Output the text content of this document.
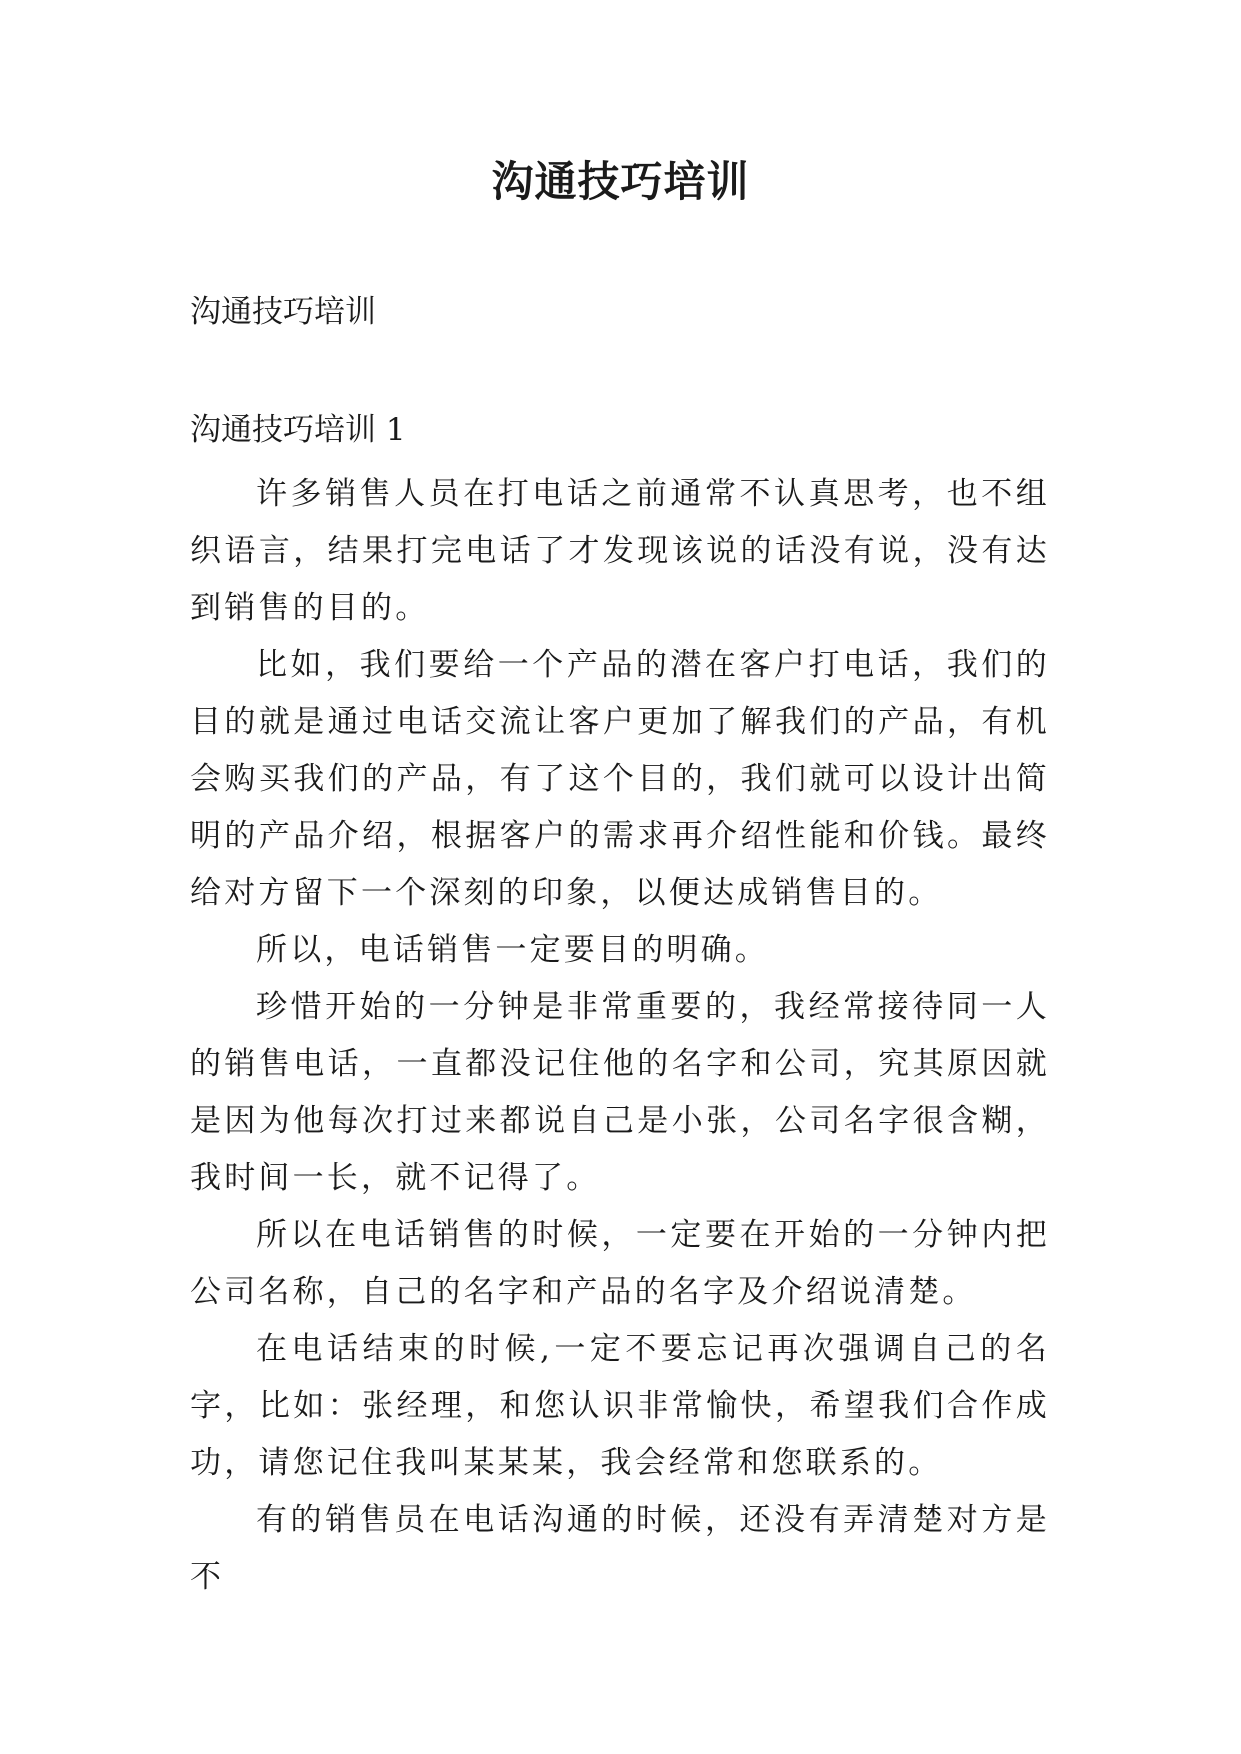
沟通技巧培训
沟通技巧培训
沟通技巧培训 1

许多销售人员在打电话之前通常不认真思考，也不组织语言，结果打完电话了才发现该说的话没有说，没有达到销售的目的。

比如，我们要给一个产品的潜在客户打电话，我们的目的就是通过电话交流让客户更加了解我们的产品，有机会购买我们的产品，有了这个目的，我们就可以设计出简明的产品介绍，根据客户的需求再介绍性能和价钱。最终给对方留下一个深刻的印象，以便达成销售目的。

所以，电话销售一定要目的明确。

珍惜开始的一分钟是非常重要的，我经常接待同一人的销售电话，一直都没记住他的名字和公司，究其原因就是因为他每次打过来都说自己是小张，公司名字很含糊，我时间一长，就不记得了。

所以在电话销售的时候，一定要在开始的一分钟内把公司名称，自己的名字和产品的名字及介绍说清楚。

在电话结束的时候,一定不要忘记再次强调自己的名字，比如：张经理，和您认识非常愉快，希望我们合作成功，请您记住我叫某某某，我会经常和您联系的。

有的销售员在电话沟通的时候，还没有弄清楚对方是不
